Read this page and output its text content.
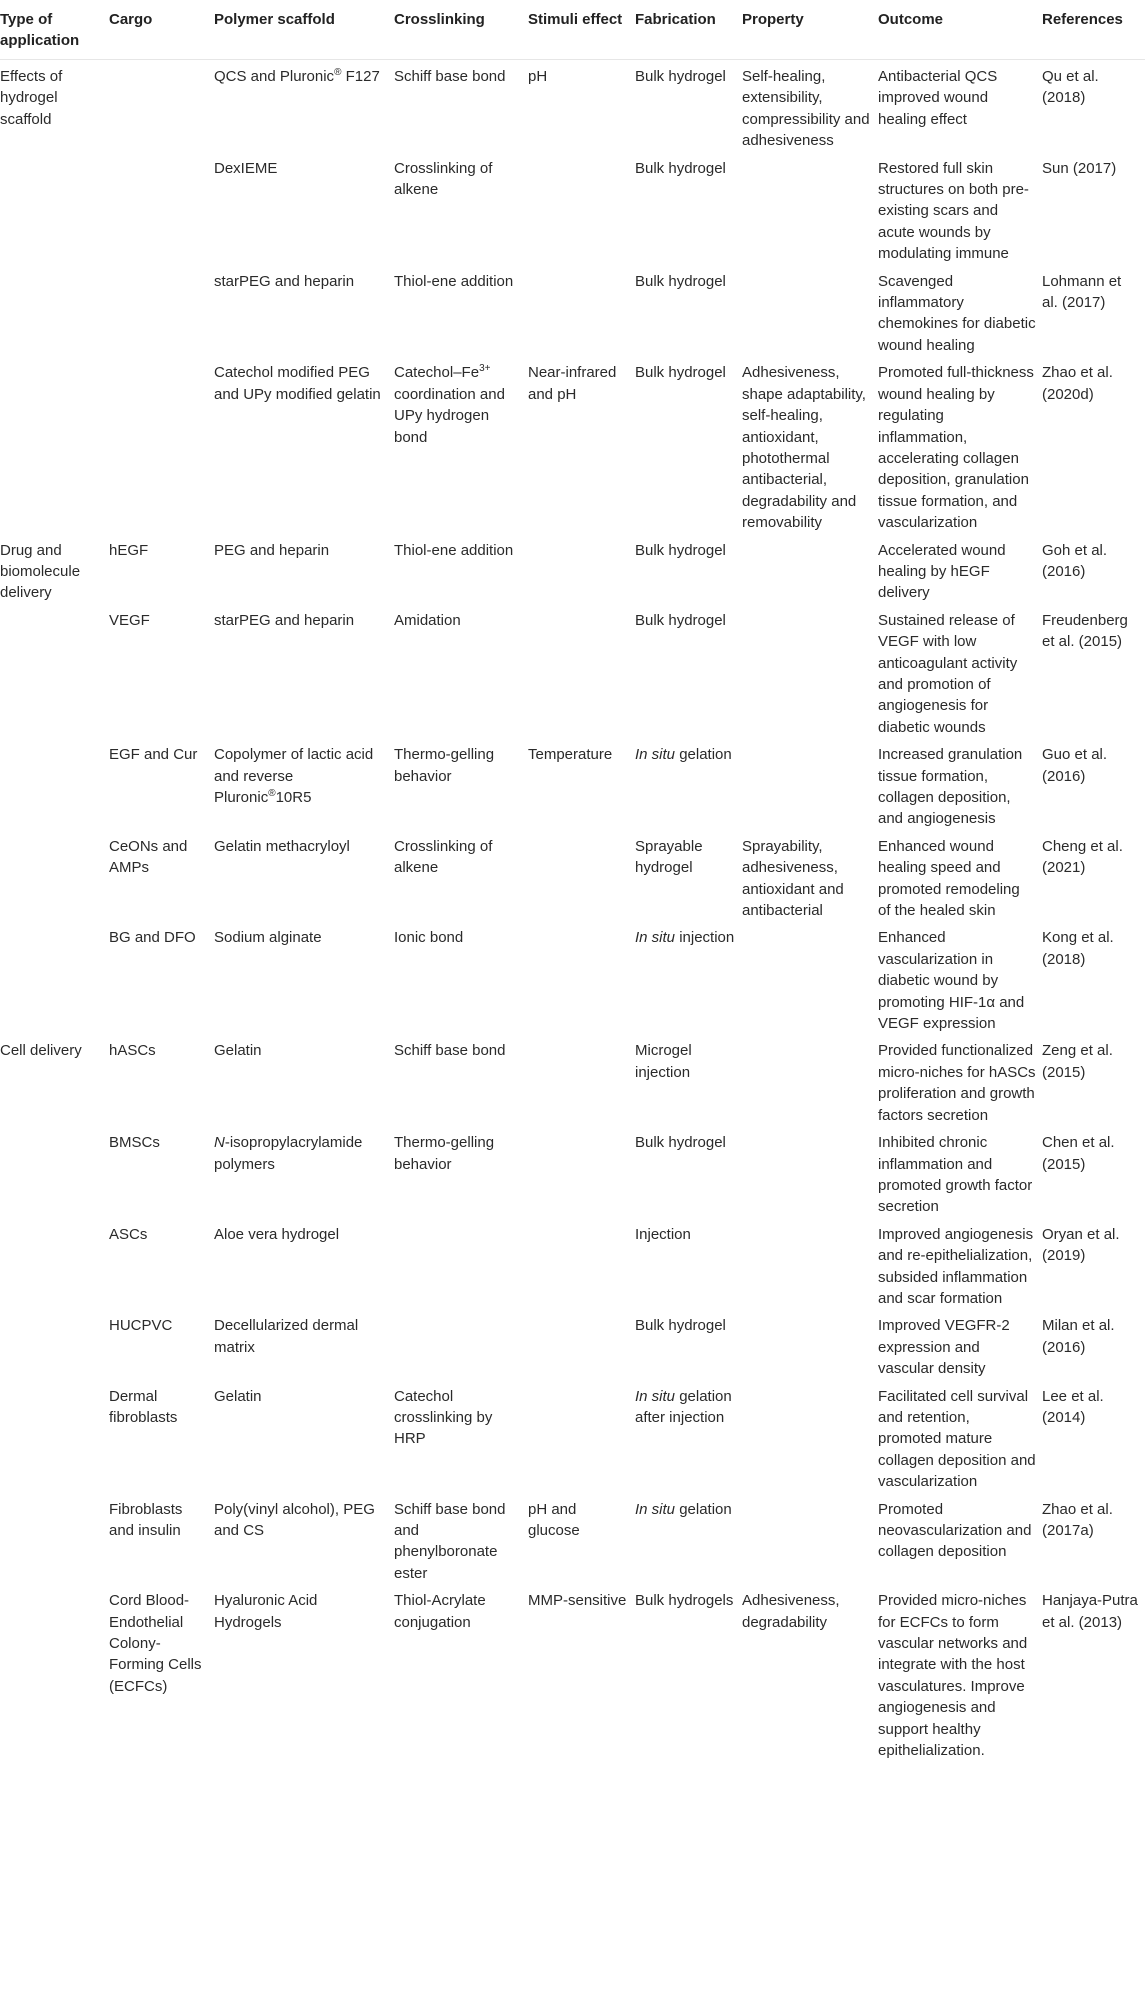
Type of application	Cargo	Polymer scaffold	Crosslinking	Stimuli effect	Fabrication	Property	Outcome	References
Effects of hydrogel scaffold		QCS and Pluronic® F127	Schiff base bond	pH	Bulk hydrogel	Self-healing, extensibility, compressibility and adhesiveness	Antibacterial QCS improved wound healing effect	Qu et al. (2018)
		DexIEME	Crosslinking of alkene		Bulk hydrogel		Restored full skin structures on both pre-existing scars and acute wounds by modulating immune	Sun (2017)
		starPEG and heparin	Thiol-ene addition		Bulk hydrogel		Scavenged inflammatory chemokines for diabetic wound healing	Lohmann et al. (2017)
		Catechol modified PEG and UPy modified gelatin	Catechol–$Fe^{3+}$ coordination and UPy hydrogen bond	Near-infrared and pH	Bulk hydrogel	Adhesiveness, shape adaptability, self-healing, antioxidant, photothermal antibacterial, degradability and removability	Promoted full-thickness wound healing by regulating inflammation, accelerating collagen deposition, granulation tissue formation, and vascularization	Zhao et al. (2020d)
Drug and biomolecule delivery	hEGF	PEG and heparin	Thiol-ene addition		Bulk hydrogel		Accelerated wound healing by hEGF delivery	Goh et al. (2016)
	VEGF	starPEG and heparin	Amidation		Bulk hydrogel		Sustained release of VEGF with low anticoagulant activity and promotion of angiogenesis for diabetic wounds	Freudenberg et al. (2015)
	EGF and Cur	Copolymer of lactic acid and reverse Pluronic®10R5	Thermo-gelling behavior	Temperature	In situ gelation		Increased granulation tissue formation, collagen deposition, and angiogenesis	Guo et al. (2016)
	CeONs and AMPs	Gelatin methacryloyl	Crosslinking of alkene		Sprayable hydrogel	Sprayability, adhesiveness, antioxidant and antibacterial	Enhanced wound healing speed and promoted remodeling of the healed skin	Cheng et al. (2021)
	BG and DFO	Sodium alginate	Ionic bond		In situ injection		Enhanced vascularization in diabetic wound by promoting HIF-1α and VEGF expression	Kong et al. (2018)
Cell delivery	hASCs	Gelatin	Schiff base bond		Microgel injection		Provided functionalized micro-niches for hASCs proliferation and growth factors secretion	Zeng et al. (2015)
	BMSCs	N-isopropylacrylamide polymers	Thermo-gelling behavior		Bulk hydrogel		Inhibited chronic inflammation and promoted growth factor secretion	Chen et al. (2015)
	ASCs	Aloe vera hydrogel			Injection		Improved angiogenesis and re-epithelialization, subsided inflammation and scar formation	Oryan et al. (2019)
	HUCPVC	Decellularized dermal matrix			Bulk hydrogel		Improved VEGFR-2 expression and vascular density	Milan et al. (2016)
	Dermal fibroblasts	Gelatin	Catechol crosslinking by HRP		In situ gelation after injection		Facilitated cell survival and retention, promoted mature collagen deposition and vascularization	Lee et al. (2014)
	Fibroblasts and insulin	Poly(vinyl alcohol), PEG and CS	Schiff base bond and phenylboronate ester	pH and glucose	In situ gelation		Promoted neovascularization and collagen deposition	Zhao et al. (2017a)
	Cord Blood-Endothelial Colony-Forming Cells (ECFCs)	Hyaluronic Acid Hydrogels	Thiol-Acrylate conjugation	MMP-sensitive	Bulk hydrogels	Adhesiveness, degradability	Provided micro-niches for ECFCs to form vascular networks and integrate with the host vasculatures. Improve angiogenesis and support healthy epithelialization.	Hanjaya-Putra et al. (2013)
